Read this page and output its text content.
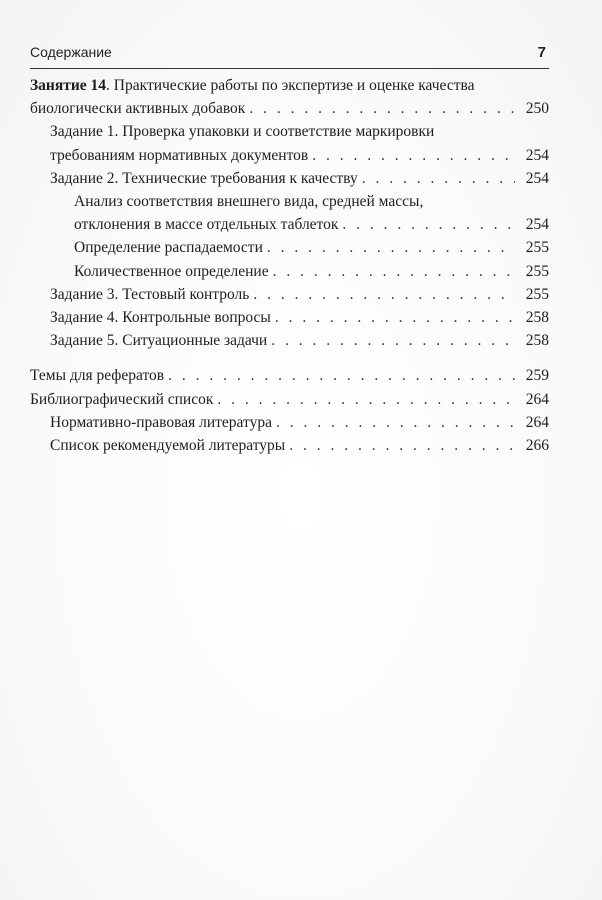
Содержание	7
Занятие 14. Практические работы по экспертизе и оценке качества
биологически активных добавок . . .	250
Задание 1. Проверка упаковки и соответствие маркировки
требованиям нормативных документов . . .	254
Задание 2. Технические требования к качеству . . .	254
Анализ соответствия внешнего вида, средней массы,
отклонения в массе отдельных таблеток . . .	254
Определение распадаемости . . .	255
Количественное определение . . .	255
Задание 3. Тестовый контроль . . .	255
Задание 4. Контрольные вопросы . . .	258
Задание 5. Ситуационные задачи . . .	258
Темы для рефератов . . .	259
Библиографический список . . .	264
Нормативно-правовая литература . . .	264
Список рекомендуемой литературы . . .	266
